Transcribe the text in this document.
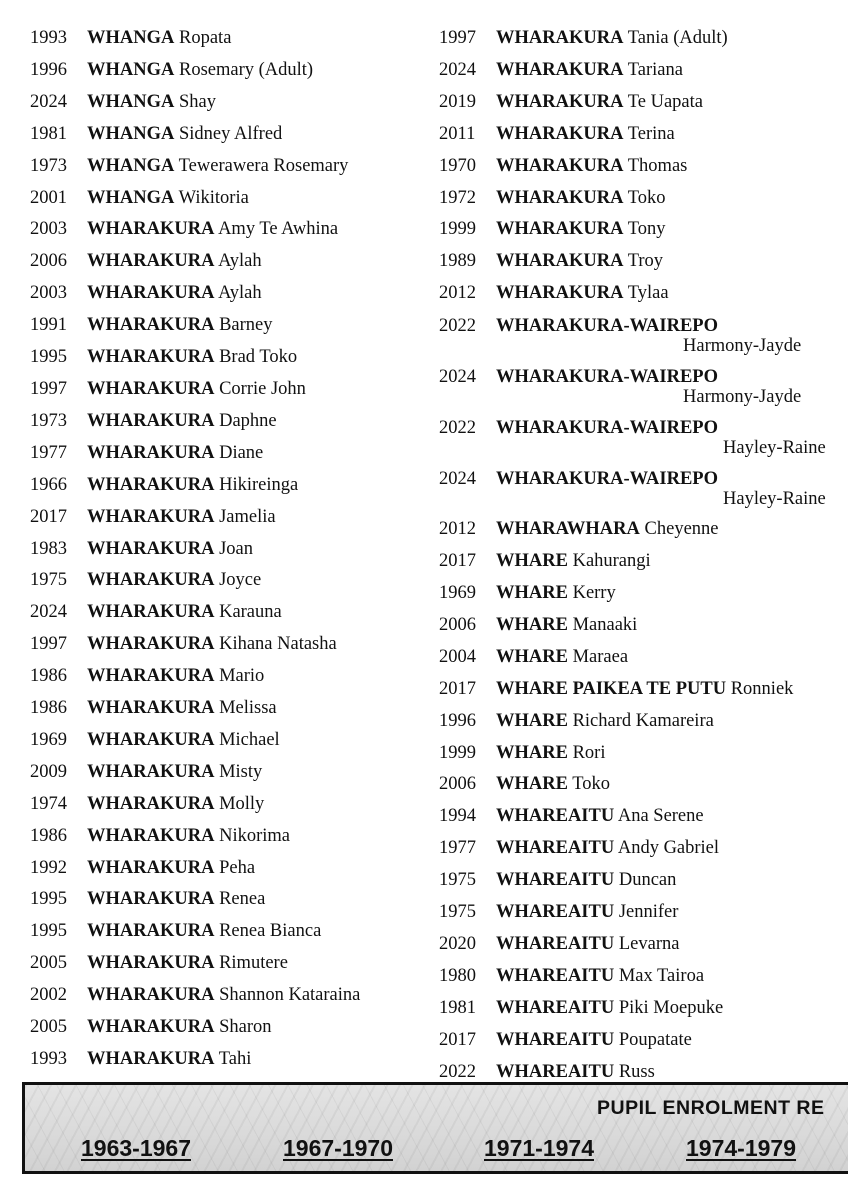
1993	WHANGA Ropata
1996	WHANGA Rosemary (Adult)
2024	WHANGA Shay
1981	WHANGA Sidney Alfred
1973	WHANGA Tewerawera Rosemary
2001	WHANGA Wikitoria
2003	WHARAKURA Amy Te Awhina
2006	WHARAKURA Aylah
2003	WHARAKURA Aylah
1991	WHARAKURA Barney
1995	WHARAKURA Brad Toko
1997	WHARAKURA Corrie John
1973	WHARAKURA Daphne
1977	WHARAKURA Diane
1966	WHARAKURA Hikireinga
2017	WHARAKURA Jamelia
1983	WHARAKURA Joan
1975	WHARAKURA Joyce
2024	WHARAKURA Karauna
1997	WHARAKURA Kihana Natasha
1986	WHARAKURA Mario
1986	WHARAKURA Melissa
1969	WHARAKURA Michael
2009	WHARAKURA Misty
1974	WHARAKURA Molly
1986	WHARAKURA Nikorima
1992	WHARAKURA Peha
1995	WHARAKURA Renea
1995	WHARAKURA Renea Bianca
2005	WHARAKURA Rimutere
2002	WHARAKURA Shannon Kataraina
2005	WHARAKURA Sharon
1993	WHARAKURA Tahi
1997	WHARAKURA Tania (Adult)
2024	WHARAKURA Tariana
2019	WHARAKURA Te Uapata
2011	WHARAKURA Terina
1970	WHARAKURA Thomas
1972	WHARAKURA Toko
1999	WHARAKURA Tony
1989	WHARAKURA Troy
2012	WHARAKURA Tylaa
2022 WHARAKURA-WAIREPO
Harmony-Jayde
2024 WHARAKURA-WAIREPO
Harmony-Jayde
2022 WHARAKURA-WAIREPO
Hayley-Raine
2024 WHARAKURA-WAIREPO
Hayley-Raine
2012	WHARAWHARA Cheyenne
2017	WHARE Kahurangi
1969	WHARE Kerry
2006	WHARE Manaaki
2004	WHARE Maraea
2017	WHARE PAIKEA TE PUTU Ronniek
1996	WHARE Richard Kamareira
1999	WHARE Rori
2006	WHARE Toko
1994	WHAREAITU Ana Serene
1977	WHAREAITU Andy Gabriel
1975	WHAREAITU Duncan
1975	WHAREAITU Jennifer
2020	WHAREAITU Levarna
1980	WHAREAITU Max Tairoa
1981	WHAREAITU Piki Moepuke
2017	WHAREAITU Poupatate
2022	WHAREAITU Russ
PUPIL ENROLMENT RE
1963-1967	1967-1970	1971-1974	1974-1979
